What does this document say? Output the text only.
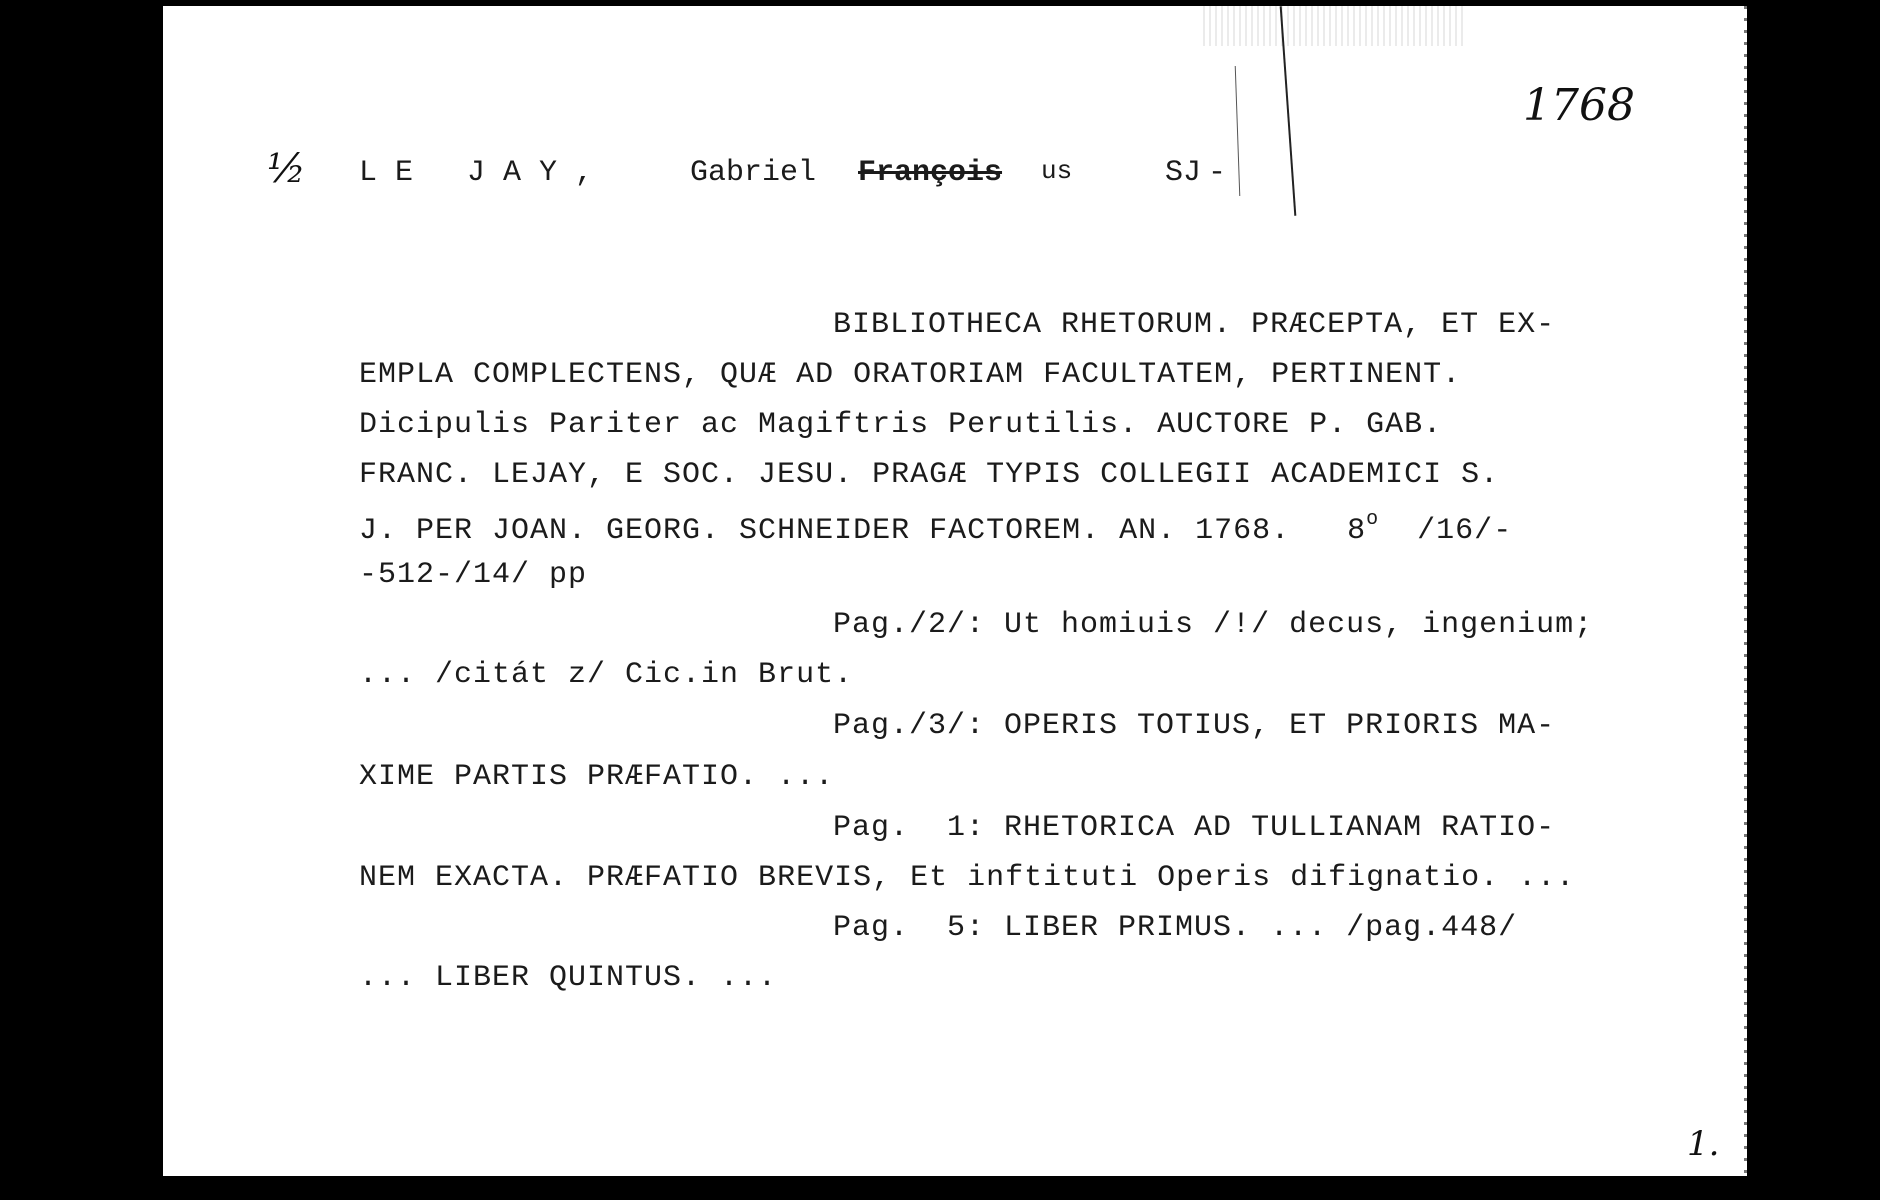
1768
½
1.
L E   J A Y ,	Gabriel François us	-
SJ
BIBLIOTHECA RHETORUM. PRÆCEPTA, ET EX-
EMPLA COMPLECTENS, QUÆ AD ORATORIAM FACULTATEM, PERTINENT.
Dicipulis Pariter ac Magiftris Perutilis. AUCTORE P. GAB.
FRANC. LEJAY, E SOC. JESU. PRAGÆ TYPIS COLLEGII ACADEMICI S.
J. PER JOAN. GEORG. SCHNEIDER FACTOREM. AN. 1768.   8$^o$  /16/-
-512-/14/ pp
Pag./2/: Ut homiuis /!/ decus, ingenium;
... /citát z/ Cic.in Brut.
Pag./3/: OPERIS TOTIUS, ET PRIORIS MA-
XIME PARTIS PRÆFATIO. ...
Pag.  1: RHETORICA AD TULLIANAM RATIO-
NEM EXACTA. PRÆFATIO BREVIS, Et inftituti Operis difignatio. ...
Pag.  5: LIBER PRIMUS. ... /pag.448/
... LIBER QUINTUS. ...
